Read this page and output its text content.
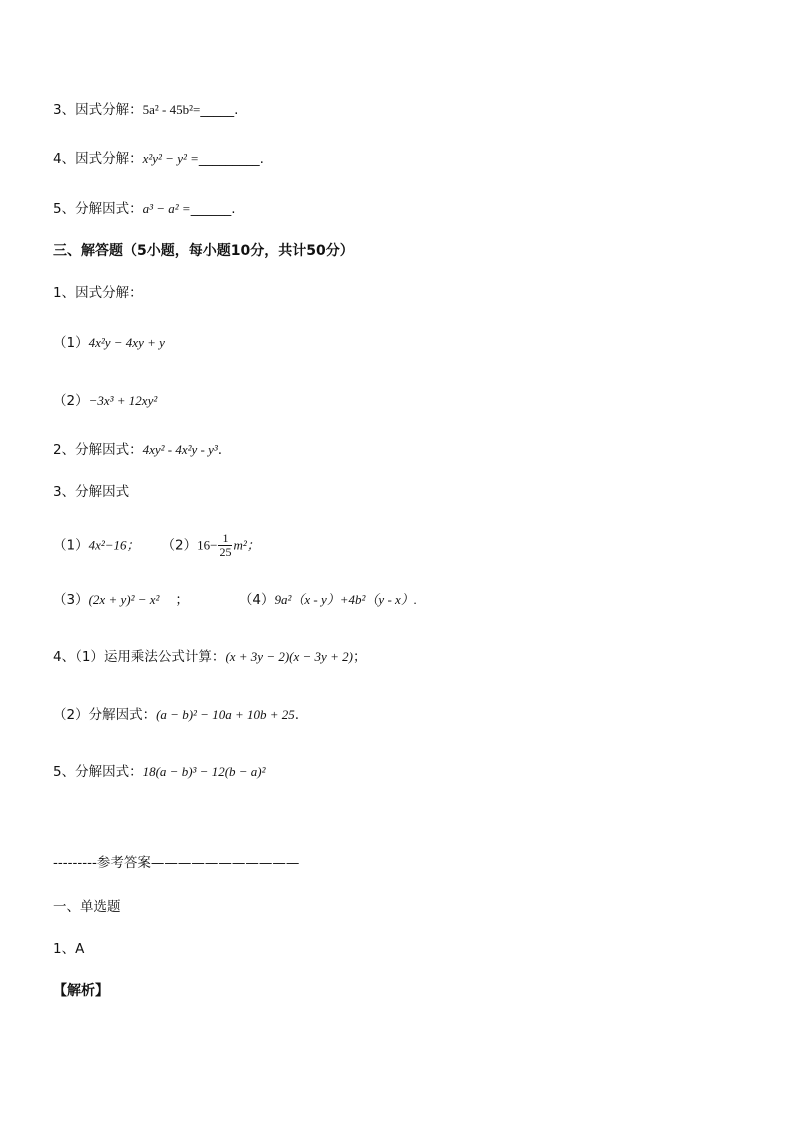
3、因式分解：5a² - 45b²=_____.
4、因式分解：x²y² − y² =_________.
5、分解因式：a³ − a² =______.
三、解答题（5小题，每小题10分，共计50分）
1、因式分解：
（1）4x²y − 4xy + y
（2）−3x³ + 12xy²
2、分解因式：4xy² - 4x²y - y³.
3、分解因式
（1）4x²−16； $(2)16- \frac{1}{25} m^2$；
（3）(2x + y)² − x² ；	（4）9a²（x - y）+4b²（y - x）.
4、（1）运用乘法公式计算：(x + 3y − 2)(x − 3y + 2)；
（2）分解因式：(a − b)² − 10a + 10b + 25.
5、分解因式：18(a − b)³ − 12(b − a)²
---------参考答案———————————
一、单选题
1、A
【解析】
